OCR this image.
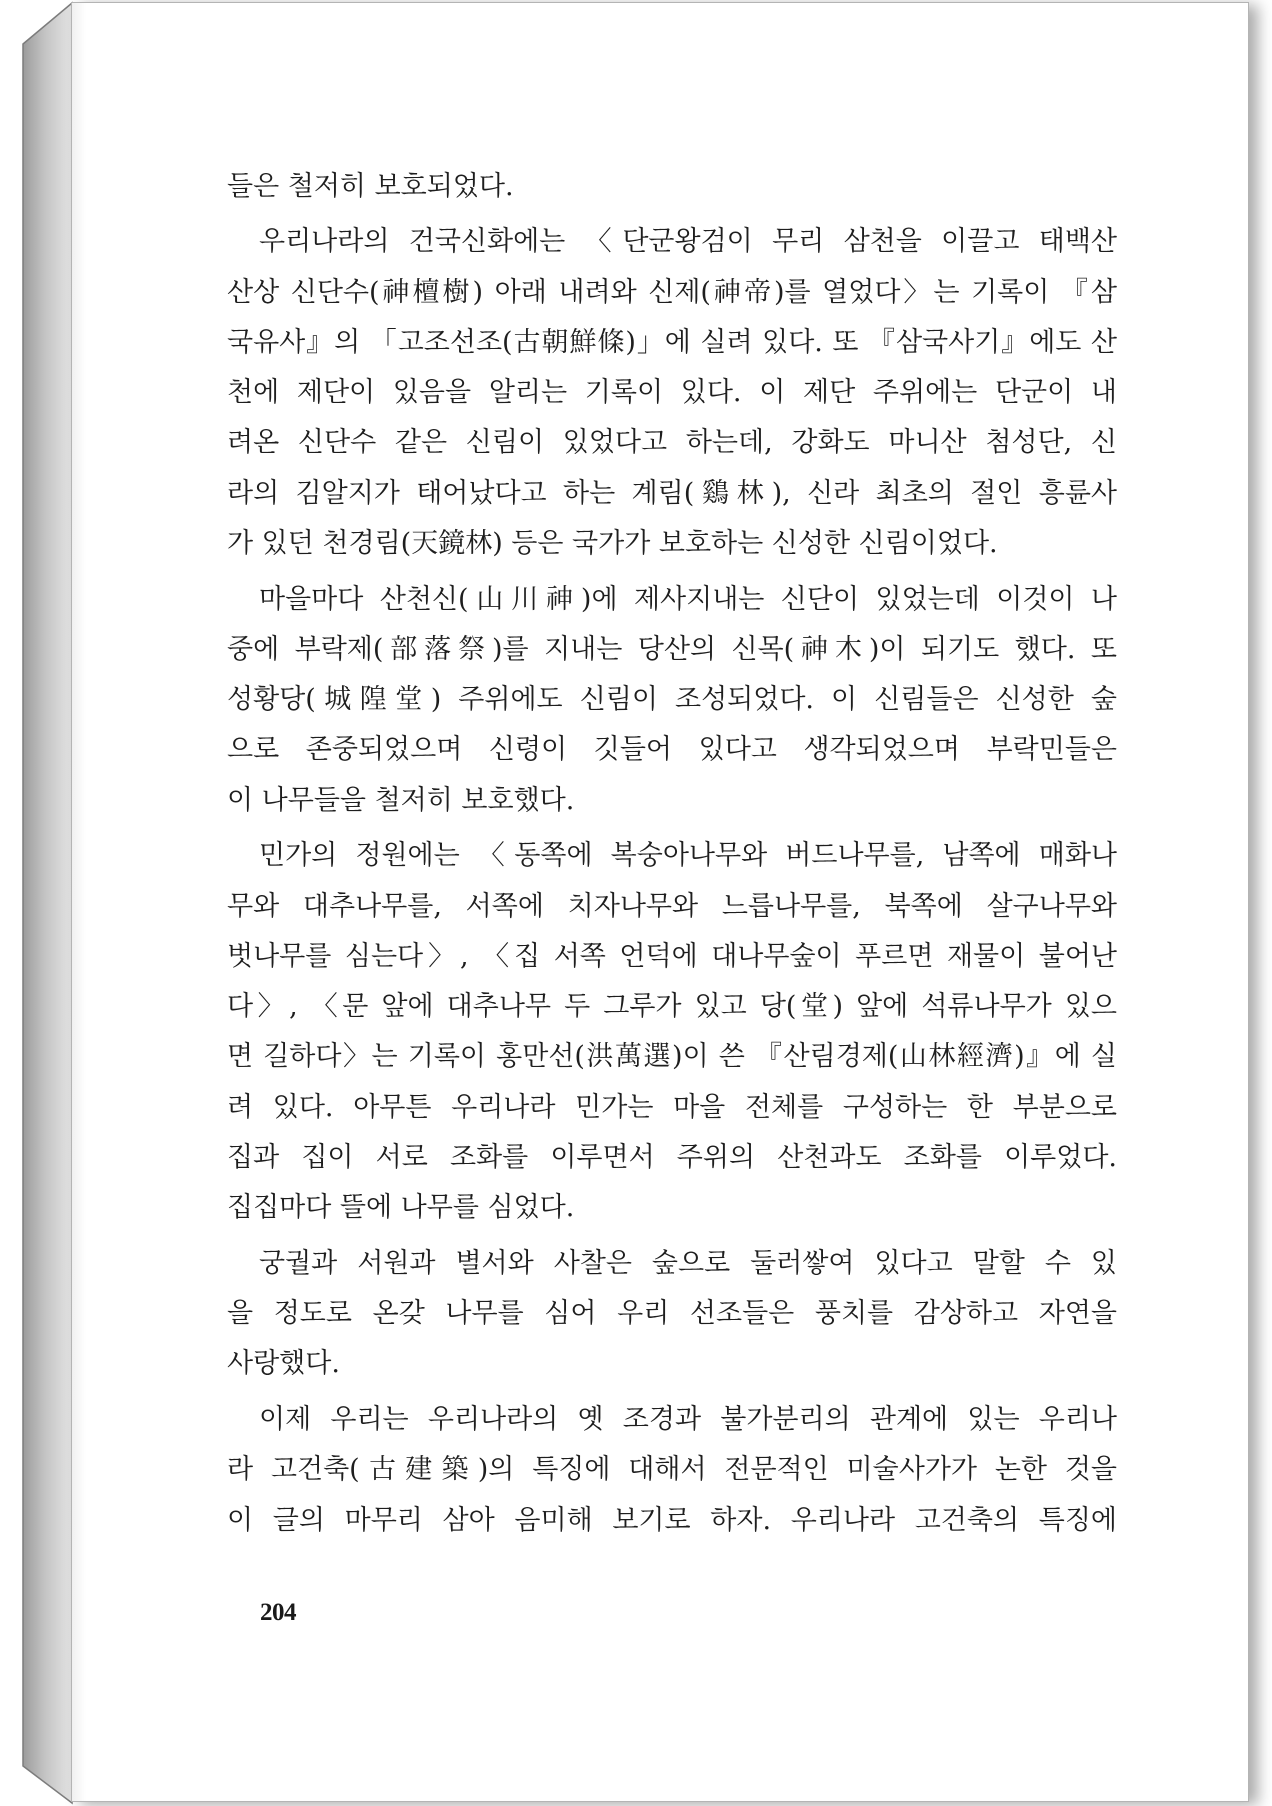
들은 철저히 보호되었다.
우리나라의 건국신화에는 〈단군왕검이 무리 삼천을 이끌고 태백산
산상 신단수(神檀樹) 아래 내려와 신제(神帝)를 열었다〉는 기록이 『삼
국유사』의 「고조선조(古朝鮮條)」에 실려 있다. 또 『삼국사기』에도 산
천에 제단이 있음을 알리는 기록이 있다. 이 제단 주위에는 단군이 내
려온 신단수 같은 신림이 있었다고 하는데, 강화도 마니산 첨성단, 신
라의 김알지가 태어났다고 하는 계림(鷄林), 신라 최초의 절인 흥륜사
가 있던 천경림(天鏡林) 등은 국가가 보호하는 신성한 신림이었다.
마을마다 산천신(山川神)에 제사지내는 신단이 있었는데 이것이 나
중에 부락제(部落祭)를 지내는 당산의 신목(神木)이 되기도 했다. 또
성황당(城隍堂) 주위에도 신림이 조성되었다. 이 신림들은 신성한 숲
으로 존중되었으며 신령이 깃들어 있다고 생각되었으며 부락민들은
이 나무들을 철저히 보호했다.
민가의 정원에는 〈동쪽에 복숭아나무와 버드나무를, 남쪽에 매화나
무와 대추나무를, 서쪽에 치자나무와 느릅나무를, 북쪽에 살구나무와
벗나무를 심는다〉, 〈집 서쪽 언덕에 대나무숲이 푸르면 재물이 불어난
다〉, 〈문 앞에 대추나무 두 그루가 있고 당(堂) 앞에 석류나무가 있으
면 길하다〉는 기록이 홍만선(洪萬選)이 쓴 『산림경제(山林經濟)』에 실
려 있다. 아무튼 우리나라 민가는 마을 전체를 구성하는 한 부분으로
집과 집이 서로 조화를 이루면서 주위의 산천과도 조화를 이루었다.
집집마다 뜰에 나무를 심었다.
궁궐과 서원과 별서와 사찰은 숲으로 둘러쌓여 있다고 말할 수 있
을 정도로 온갖 나무를 심어 우리 선조들은 풍치를 감상하고 자연을
사랑했다.
이제 우리는 우리나라의 옛 조경과 불가분리의 관계에 있는 우리나
라 고건축(古建築)의 특징에 대해서 전문적인 미술사가가 논한 것을
이 글의 마무리 삼아 음미해 보기로 하자. 우리나라 고건축의 특징에
204
